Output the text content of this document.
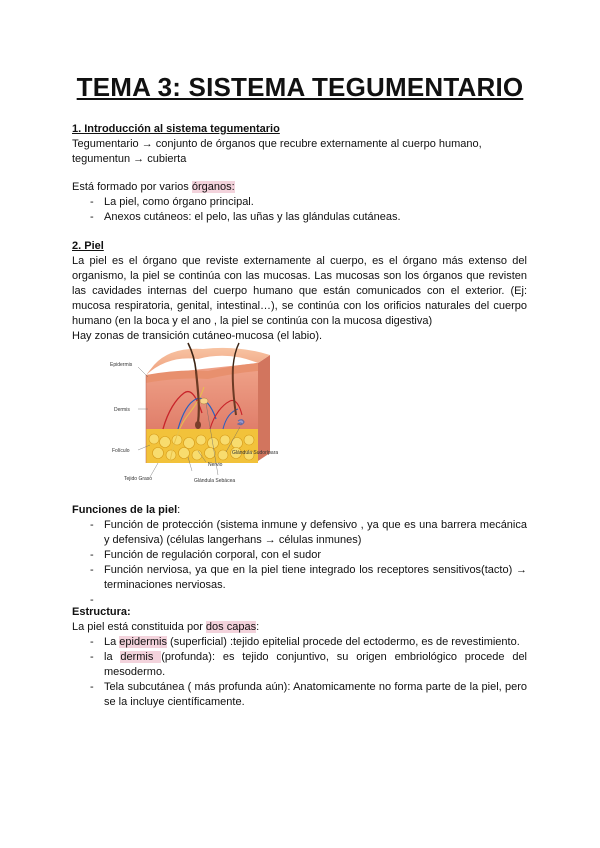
TEMA 3: SISTEMA TEGUMENTARIO
1. Introducción al sistema tegumentario
Tegumentario → conjunto de órganos que recubre externamente al cuerpo humano,
tegumentun → cubierta
Está formado por varios órganos:
- La piel, como órgano principal.
- Anexos cutáneos: el pelo, las uñas y las glándulas cutáneas.
2. Piel
La piel es el órgano que reviste externamente al cuerpo, es el órgano más extenso del organismo, la piel se continúa con las mucosas. Las mucosas son los órganos que revisten las cavidades internas del cuerpo humano que están comunicados con el exterior. (Ej: mucosa respiratoria, genital, intestinal…), se continúa con los orificios naturales del cuerpo humano (en la boca y el ano , la piel se continúa con la mucosa digestiva)
Hay zonas de transición cutáneo-mucosa (el labio).
Epidermis
Dermis
Folículo
Nervio
Glándula Sudorípara
Tejido Graso	Glándula Sebácea
Funciones de la piel:
- Función de protección (sistema inmune y defensivo , ya que es una barrera mecánica y defensiva) (células langerhans → células inmunes)
- Función de regulación corporal, con el sudor
- Función nerviosa, ya que en la piel tiene integrado los receptores sensitivos(tacto) → terminaciones nerviosas.
-
Estructura:
La piel está constituida por dos capas:
- La epidermis (superficial) :tejido epitelial procede del ectodermo, es de revestimiento.
- la dermis (profunda): es tejido conjuntivo, su origen embriológico procede del mesodermo.
- Tela subcutánea ( más profunda aún): Anatomicamente no forma parte de la piel, pero se la incluye científicamente.
